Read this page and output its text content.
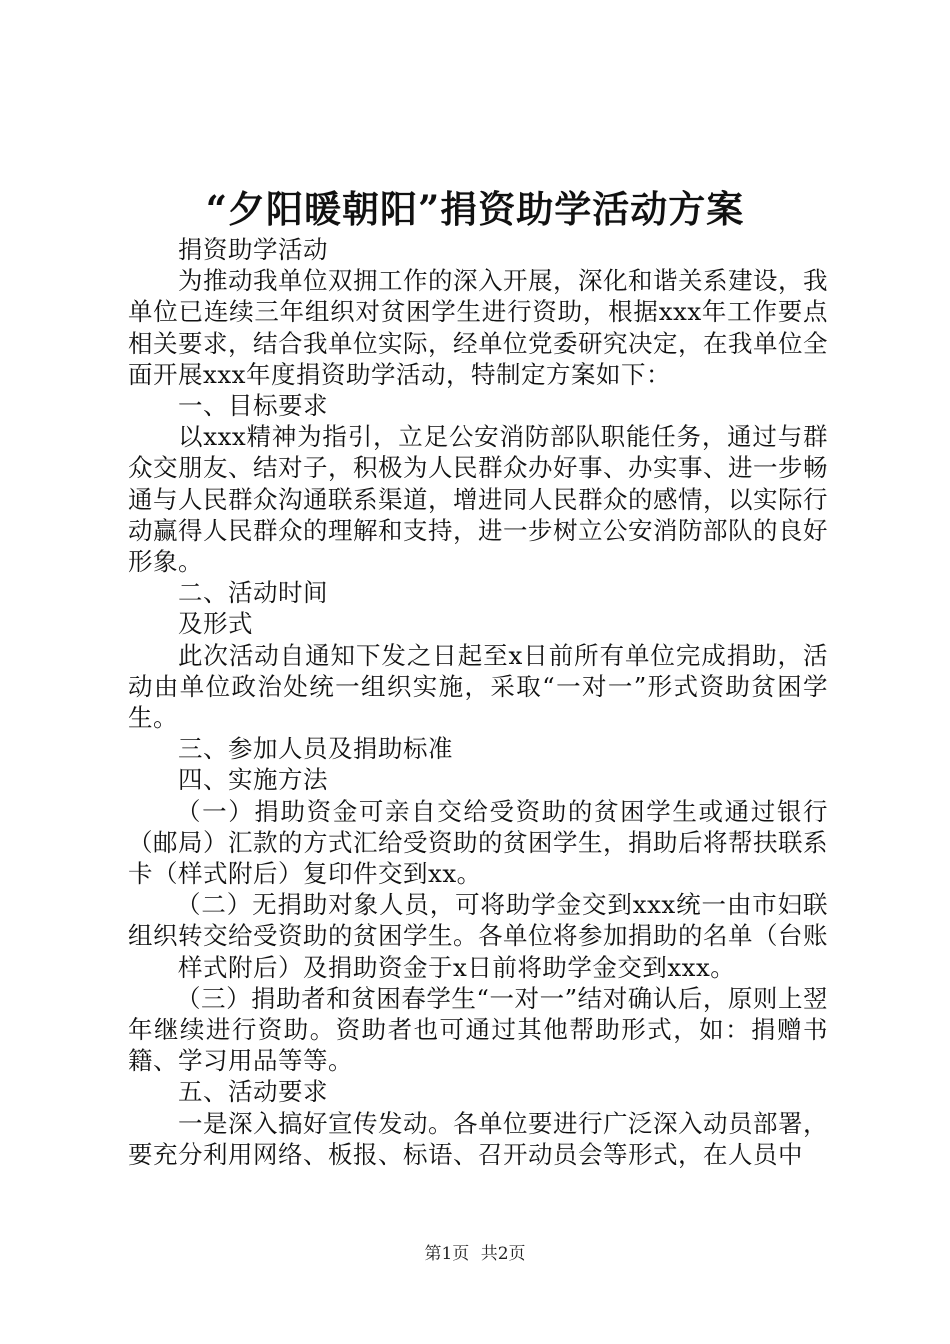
“夕阳暖朝阳”捐资助学活动方案

捐资助学活动

为推动我单位双拥工作的深入开展，深化和谐关系建设，我单位已连续三年组织对贫困学生进行资助，根据xxx年工作要点相关要求，结合我单位实际，经单位党委研究决定，在我单位全面开展xxx年度捐资助学活动，特制定方案如下：

一、目标要求

以xxx精神为指引，立足公安消防部队职能任务，通过与群众交朋友、结对子，积极为人民群众办好事、办实事、进一步畅通与人民群众沟通联系渠道，增进同人民群众的感情，以实际行动赢得人民群众的理解和支持，进一步树立公安消防部队的良好形象。

二、活动时间

及形式

此次活动自通知下发之日起至x日前所有单位完成捐助，活动由单位政治处统一组织实施，采取“一对一”形式资助贫困学生。

三、参加人员及捐助标准

四、实施方法

（一）捐助资金可亲自交给受资助的贫困学生或通过银行（邮局）汇款的方式汇给受资助的贫困学生，捐助后将帮扶联系卡（样式附后）复印件交到xx。

（二）无捐助对象人员，可将助学金交到xxx统一由市妇联组织转交给受资助的贫困学生。各单位将参加捐助的名单（台账

样式附后）及捐助资金于x日前将助学金交到xxx。

（三）捐助者和贫困春学生“一对一”结对确认后，原则上翌年继续进行资助。资助者也可通过其他帮助形式，如：捐赠书籍、学习用品等等。

五、活动要求

一是深入搞好宣传发动。各单位要进行广泛深入动员部署，要充分利用网络、板报、标语、召开动员会等形式，在人员中

第1页 共2页
